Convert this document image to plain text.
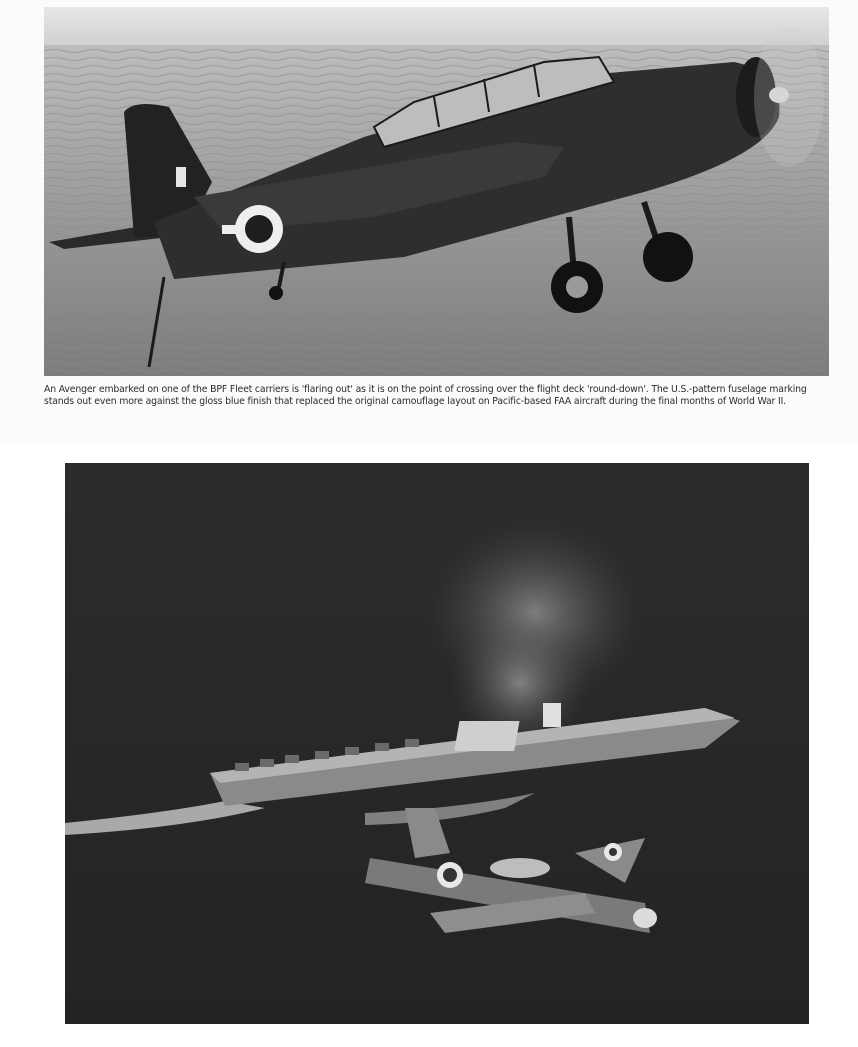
An Avenger embarked on one of the BPF Fleet carriers is 'flaring out' as it is on the point of crossing over the flight deck 'round-down'. The U.S.-pattern fuselage marking stands out even more against the gloss blue finish that replaced the original camouflage layout on Pacific-based FAA aircraft during the final months of World War II.
